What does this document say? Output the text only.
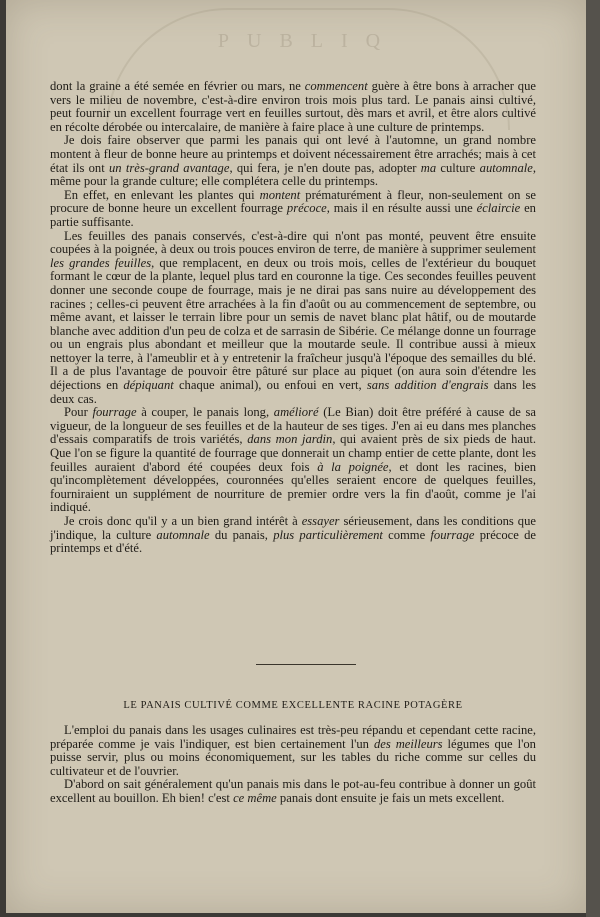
PUBLIQ

dont la graine a été semée en février ou mars, ne commencent guère à être bons à arracher que vers le milieu de novembre, c'est-à-dire environ trois mois plus tard. Le panais ainsi cultivé, peut fournir un excellent fourrage vert en feuilles surtout, dès mars et avril, et être alors cultivé en récolte dérobée ou intercalaire, de manière à faire place à une culture de printemps.

Je dois faire observer que parmi les panais qui ont levé à l'automne, un grand nombre montent à fleur de bonne heure au printemps et doivent nécessairement être arrachés; mais à cet état ils ont un très-grand avantage, qui fera, je n'en doute pas, adopter ma culture automnale, même pour la grande culture; elle complétera celle du printemps.

En effet, en enlevant les plantes qui montent prématurément à fleur, non-seulement on se procure de bonne heure un excellent fourrage précoce, mais il en résulte aussi une éclaircie en partie suffisante.

Les feuilles des panais conservés, c'est-à-dire qui n'ont pas monté, peuvent être ensuite coupées à la poignée, à deux ou trois pouces environ de terre, de manière à supprimer seulement les grandes feuilles, que remplacent, en deux ou trois mois, celles de l'extérieur du bouquet formant le cœur de la plante, lequel plus tard en couronne la tige. Ces secondes feuilles peuvent donner une seconde coupe de fourrage, mais je ne dirai pas sans nuire au développement des racines ; celles-ci peuvent être arrachées à la fin d'août ou au commencement de septembre, ou même avant, et laisser le terrain libre pour un semis de navet blanc plat hâtif, ou de moutarde blanche avec addition d'un peu de colza et de sarrasin de Sibérie. Ce mélange donne un fourrage ou un engrais plus abondant et meilleur que la moutarde seule. Il contribue aussi à mieux nettoyer la terre, à l'ameublir et à y entretenir la fraîcheur jusqu'à l'époque des semailles du blé. Il a de plus l'avantage de pouvoir être pâturé sur place au piquet (on aura soin d'étendre les déjections en dépiquant chaque animal), ou enfoui en vert, sans addition d'engrais dans les deux cas.

Pour fourrage à couper, le panais long, amélioré (Le Bian) doit être préféré à cause de sa vigueur, de la longueur de ses feuilles et de la hauteur de ses tiges. J'en ai eu dans mes planches d'essais comparatifs de trois variétés, dans mon jardin, qui avaient près de six pieds de haut. Que l'on se figure la quantité de fourrage que donnerait un champ entier de cette plante, dont les feuilles auraient d'abord été coupées deux fois à la poignée, et dont les racines, bien qu'incomplètement développées, couronnées qu'elles seraient encore de quelques feuilles, fourniraient un supplément de nourriture de premier ordre vers la fin d'août, comme je l'ai indiqué.

Je crois donc qu'il y a un bien grand intérêt à essayer sérieusement, dans les conditions que j'indique, la culture automnale du panais, plus particulièrement comme fourrage précoce de printemps et d'été.

LE PANAIS CULTIVÉ COMME EXCELLENTE RACINE POTAGÈRE

L'emploi du panais dans les usages culinaires est très-peu répandu et cependant cette racine, préparée comme je vais l'indiquer, est bien certainement l'un des meilleurs légumes que l'on puisse servir, plus ou moins économiquement, sur les tables du riche comme sur celles du cultivateur et de l'ouvrier.

D'abord on sait généralement qu'un panais mis dans le pot-au-feu contribue à donner un goût excellent au bouillon. Eh bien! c'est ce même panais dont ensuite je fais un mets excellent.
